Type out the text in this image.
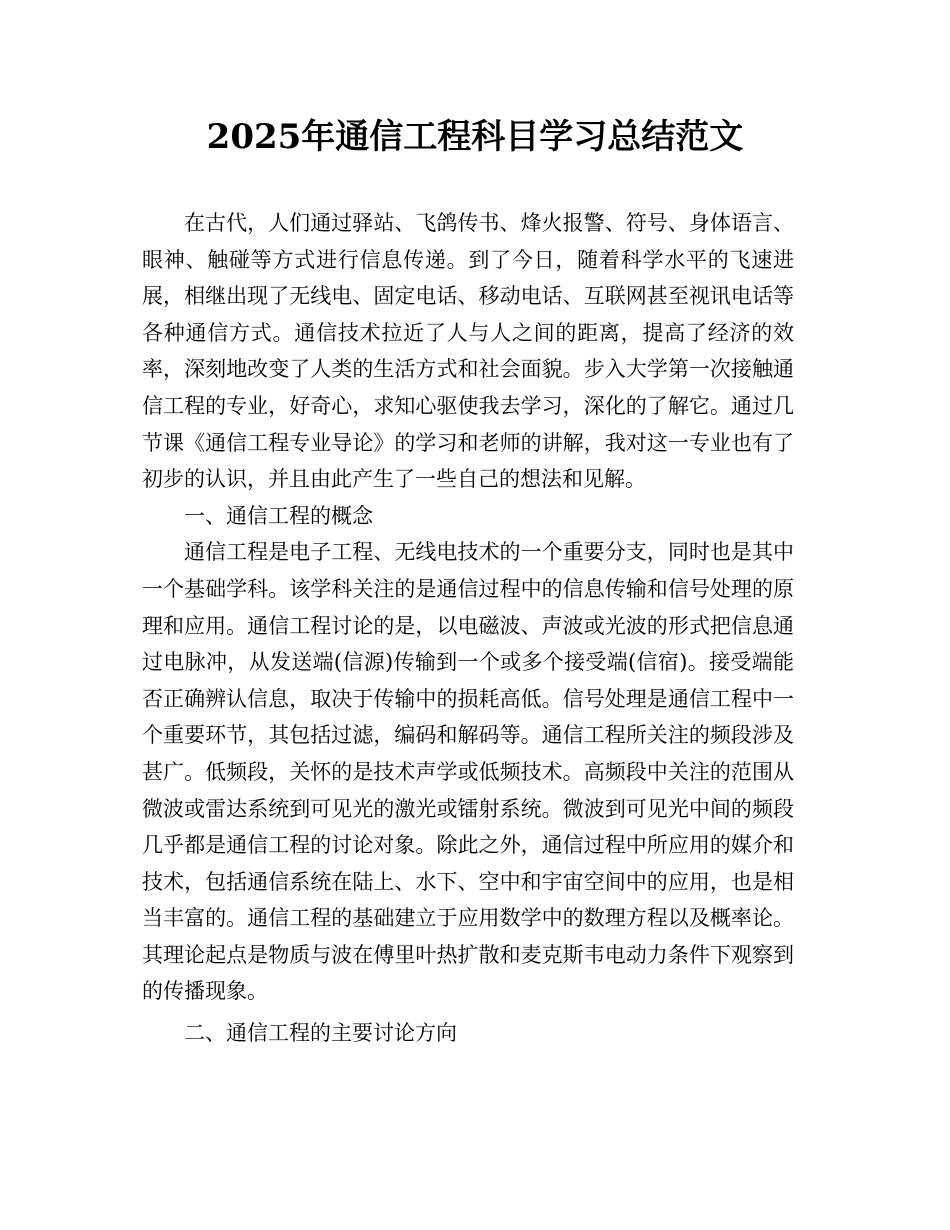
2025年通信工程科目学习总结范文

在古代，人们通过驿站、飞鸽传书、烽火报警、符号、身体语言、眼神、触碰等方式进行信息传递。到了今日，随着科学水平的飞速进展，相继出现了无线电、固定电话、移动电话、互联网甚至视讯电话等各种通信方式。通信技术拉近了人与人之间的距离，提高了经济的效率，深刻地改变了人类的生活方式和社会面貌。步入大学第一次接触通信工程的专业，好奇心，求知心驱使我去学习，深化的了解它。通过几节课《通信工程专业导论》的学习和老师的讲解，我对这一专业也有了初步的认识，并且由此产生了一些自己的想法和见解。

一、通信工程的概念

通信工程是电子工程、无线电技术的一个重要分支，同时也是其中一个基础学科。该学科关注的是通信过程中的信息传输和信号处理的原理和应用。通信工程讨论的是，以电磁波、声波或光波的形式把信息通过电脉冲，从发送端(信源)传输到一个或多个接受端(信宿)。接受端能否正确辨认信息，取决于传输中的损耗高低。信号处理是通信工程中一个重要环节，其包括过滤，编码和解码等。通信工程所关注的频段涉及甚广。低频段，关怀的是技术声学或低频技术。高频段中关注的范围从微波或雷达系统到可见光的激光或镭射系统。微波到可见光中间的频段几乎都是通信工程的讨论对象。除此之外，通信过程中所应用的媒介和技术，包括通信系统在陆上、水下、空中和宇宙空间中的应用，也是相当丰富的。通信工程的基础建立于应用数学中的数理方程以及概率论。其理论起点是物质与波在傅里叶热扩散和麦克斯韦电动力条件下观察到的传播现象。

二、通信工程的主要讨论方向
